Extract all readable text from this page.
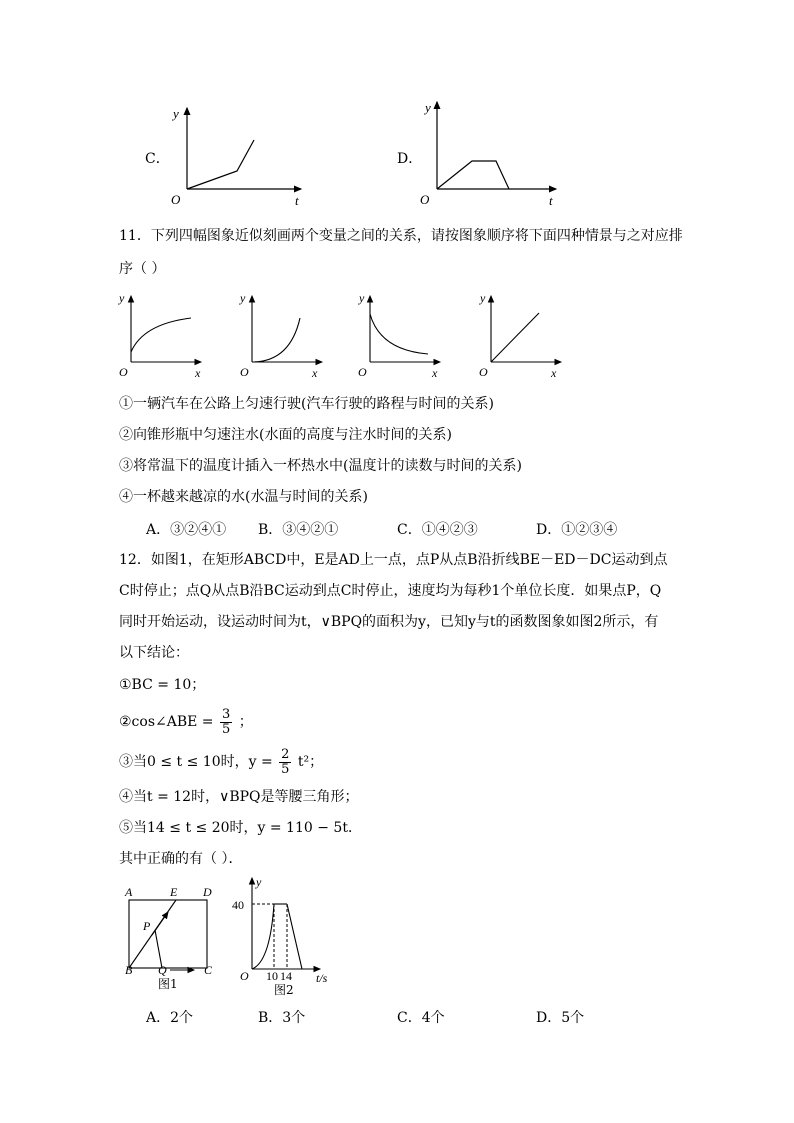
C．
y
t
O
D．
y
t
O
11．下列四幅图象近似刻画两个变量之间的关系，请按图象顺序将下面四种情景与之对应排
序（ ）
y
x
O
y
x
O
y
x
O
y
x
O
①一辆汽车在公路上匀速行驶(汽车行驶的路程与时间的关系)
②向锥形瓶中匀速注水(水面的高度与注水时间的关系)
③将常温下的温度计插入一杯热水中(温度计的读数与时间的关系)
④一杯越来越凉的水(水温与时间的关系)
A．③②④① B．③④②①	C．①④②③	D．①②③④
12．如图1，在矩形ABCD中，E是AD上一点，点P从点B沿折线BE－ED－DC运动到点
C时停止；点Q从点B沿BC运动到点C时停止，速度均为每秒1个单位长度．如果点P，Q
同时开始运动，设运动时间为t，∨BPQ的面积为y，已知y与t的函数图象如图2所示，有
以下结论：
①BC = 10；
②cos∠ABE = $\frac{3}{5}$ ；
③当0 ≤ t ≤ 10时，$y = \frac{2}{5} t^2$；
④当t = 12时，∨BPQ是等腰三角形；
⑤当14 ≤ t ≤ 20时，y = 110 − 5t．
其中正确的有（ ）．
A	E D
P
B Q	C
图1
y
40
O 10 14 t/s
图2
A．2个	B．3个	C．4个	D．5个
